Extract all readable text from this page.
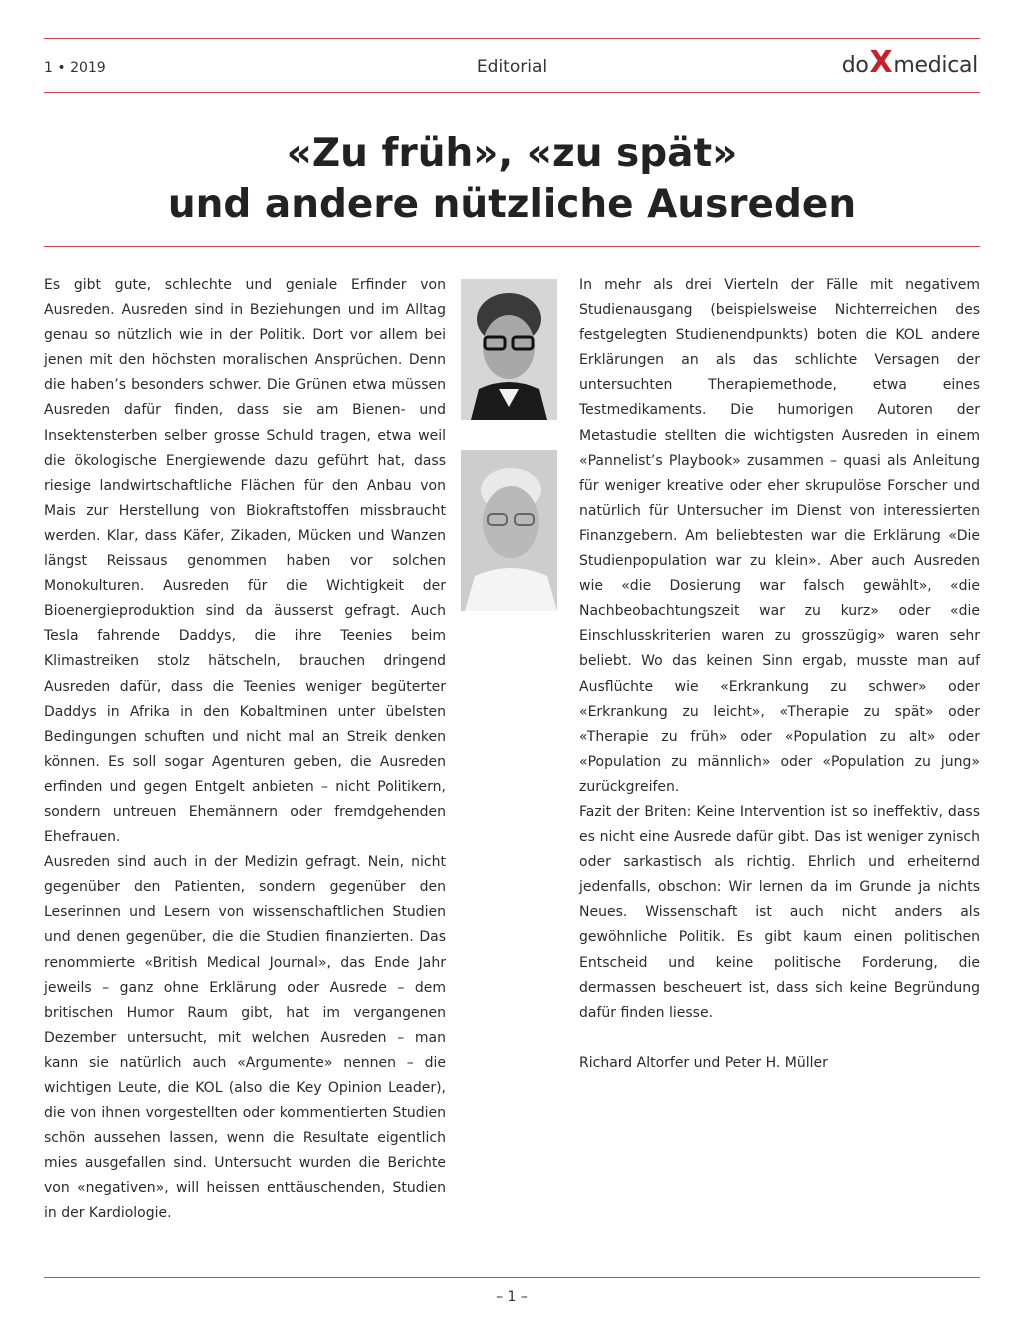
1 • 2019	Editorial	do X medical
«Zu früh», «zu spät»
und andere nützliche Ausreden

Es gibt gute, schlechte und geniale Erfinder von Ausreden. Ausreden sind in Beziehungen und im Alltag genau so nützlich wie in der Politik. Dort vor allem bei jenen mit den höchsten moralischen Ansprüchen. Denn die haben’s besonders schwer. Die Grünen etwa müssen Ausreden dafür finden, dass sie am Bienen- und Insektensterben selber grosse Schuld tragen, etwa weil die ökologische Energiewende dazu geführt hat, dass riesige landwirtschaftliche Flächen für den Anbau von Mais zur Herstellung von Biokraftstoffen missbraucht werden. Klar, dass Käfer, Zikaden, Mücken und Wanzen längst Reissaus genommen haben vor solchen Monokulturen. Ausreden für die Wichtigkeit der Bioenergieproduktion sind da äusserst gefragt. Auch Tesla fahrende Daddys, die ihre Teenies beim Klimastreiken stolz hätscheln, brauchen dringend Ausreden dafür, dass die Teenies weniger begüterter Daddys in Afrika in den Kobaltminen unter übelsten Bedingungen schuften und nicht mal an Streik denken können. Es soll sogar Agenturen geben, die Ausreden erfinden und gegen Entgelt anbieten – nicht Politikern, sondern untreuen Ehemännern oder fremdgehenden Ehefrauen.

Ausreden sind auch in der Medizin gefragt. Nein, nicht gegenüber den Patienten, sondern gegenüber den Leserinnen und Lesern von wissenschaftlichen Studien und denen gegenüber, die die Studien finanzierten. Das renommierte «British Medical Journal», das Ende Jahr jeweils – ganz ohne Erklärung oder Ausrede – dem britischen Humor Raum gibt, hat im vergangenen Dezember untersucht, mit welchen Ausreden – man kann sie natürlich auch «Argumente» nennen – die wichtigen Leute, die KOL (also die Key Opinion Leader), die von ihnen vorgestellten oder kommentierten Studien schön aussehen lassen, wenn die Resultate eigentlich mies ausgefallen sind. Untersucht wurden die Berichte von «negativen», will heissen enttäuschenden, Studien in der Kardiologie.

In mehr als drei Vierteln der Fälle mit negativem Studienausgang (beispielsweise Nichterreichen des festgelegten Studienendpunkts) boten die KOL andere Erklärungen an als das schlichte Versagen der untersuchten Therapiemethode, etwa eines Testmedikaments. Die humorigen Autoren der Metastudie stellten die wichtigsten Ausreden in einem «Pannelist’s Playbook» zusammen – quasi als Anleitung für weniger kreative oder eher skrupulöse Forscher und natürlich für Untersucher im Dienst von interessierten Finanzgebern. Am beliebtesten war die Erklärung «Die Studienpopulation war zu klein». Aber auch Ausreden wie «die Dosierung war falsch gewählt», «die Nachbeobachtungszeit war zu kurz» oder «die Einschlusskriterien waren zu grosszügig» waren sehr beliebt. Wo das keinen Sinn ergab, musste man auf Ausflüchte wie «Erkrankung zu schwer» oder «Erkrankung zu leicht», «Therapie zu spät» oder «Therapie zu früh» oder «Population zu alt» oder «Population zu männlich» oder «Population zu jung» zurückgreifen.

Fazit der Briten: Keine Intervention ist so ineffektiv, dass es nicht eine Ausrede dafür gibt. Das ist weniger zynisch oder sarkastisch als richtig. Ehrlich und erheiternd jedenfalls, obschon: Wir lernen da im Grunde ja nichts Neues. Wissenschaft ist auch nicht anders als gewöhnliche Politik. Es gibt kaum einen politischen Entscheid und keine politische Forderung, die dermassen bescheuert ist, dass sich keine Begründung dafür finden liesse.

Richard Altorfer und Peter H. Müller

– 1 –
